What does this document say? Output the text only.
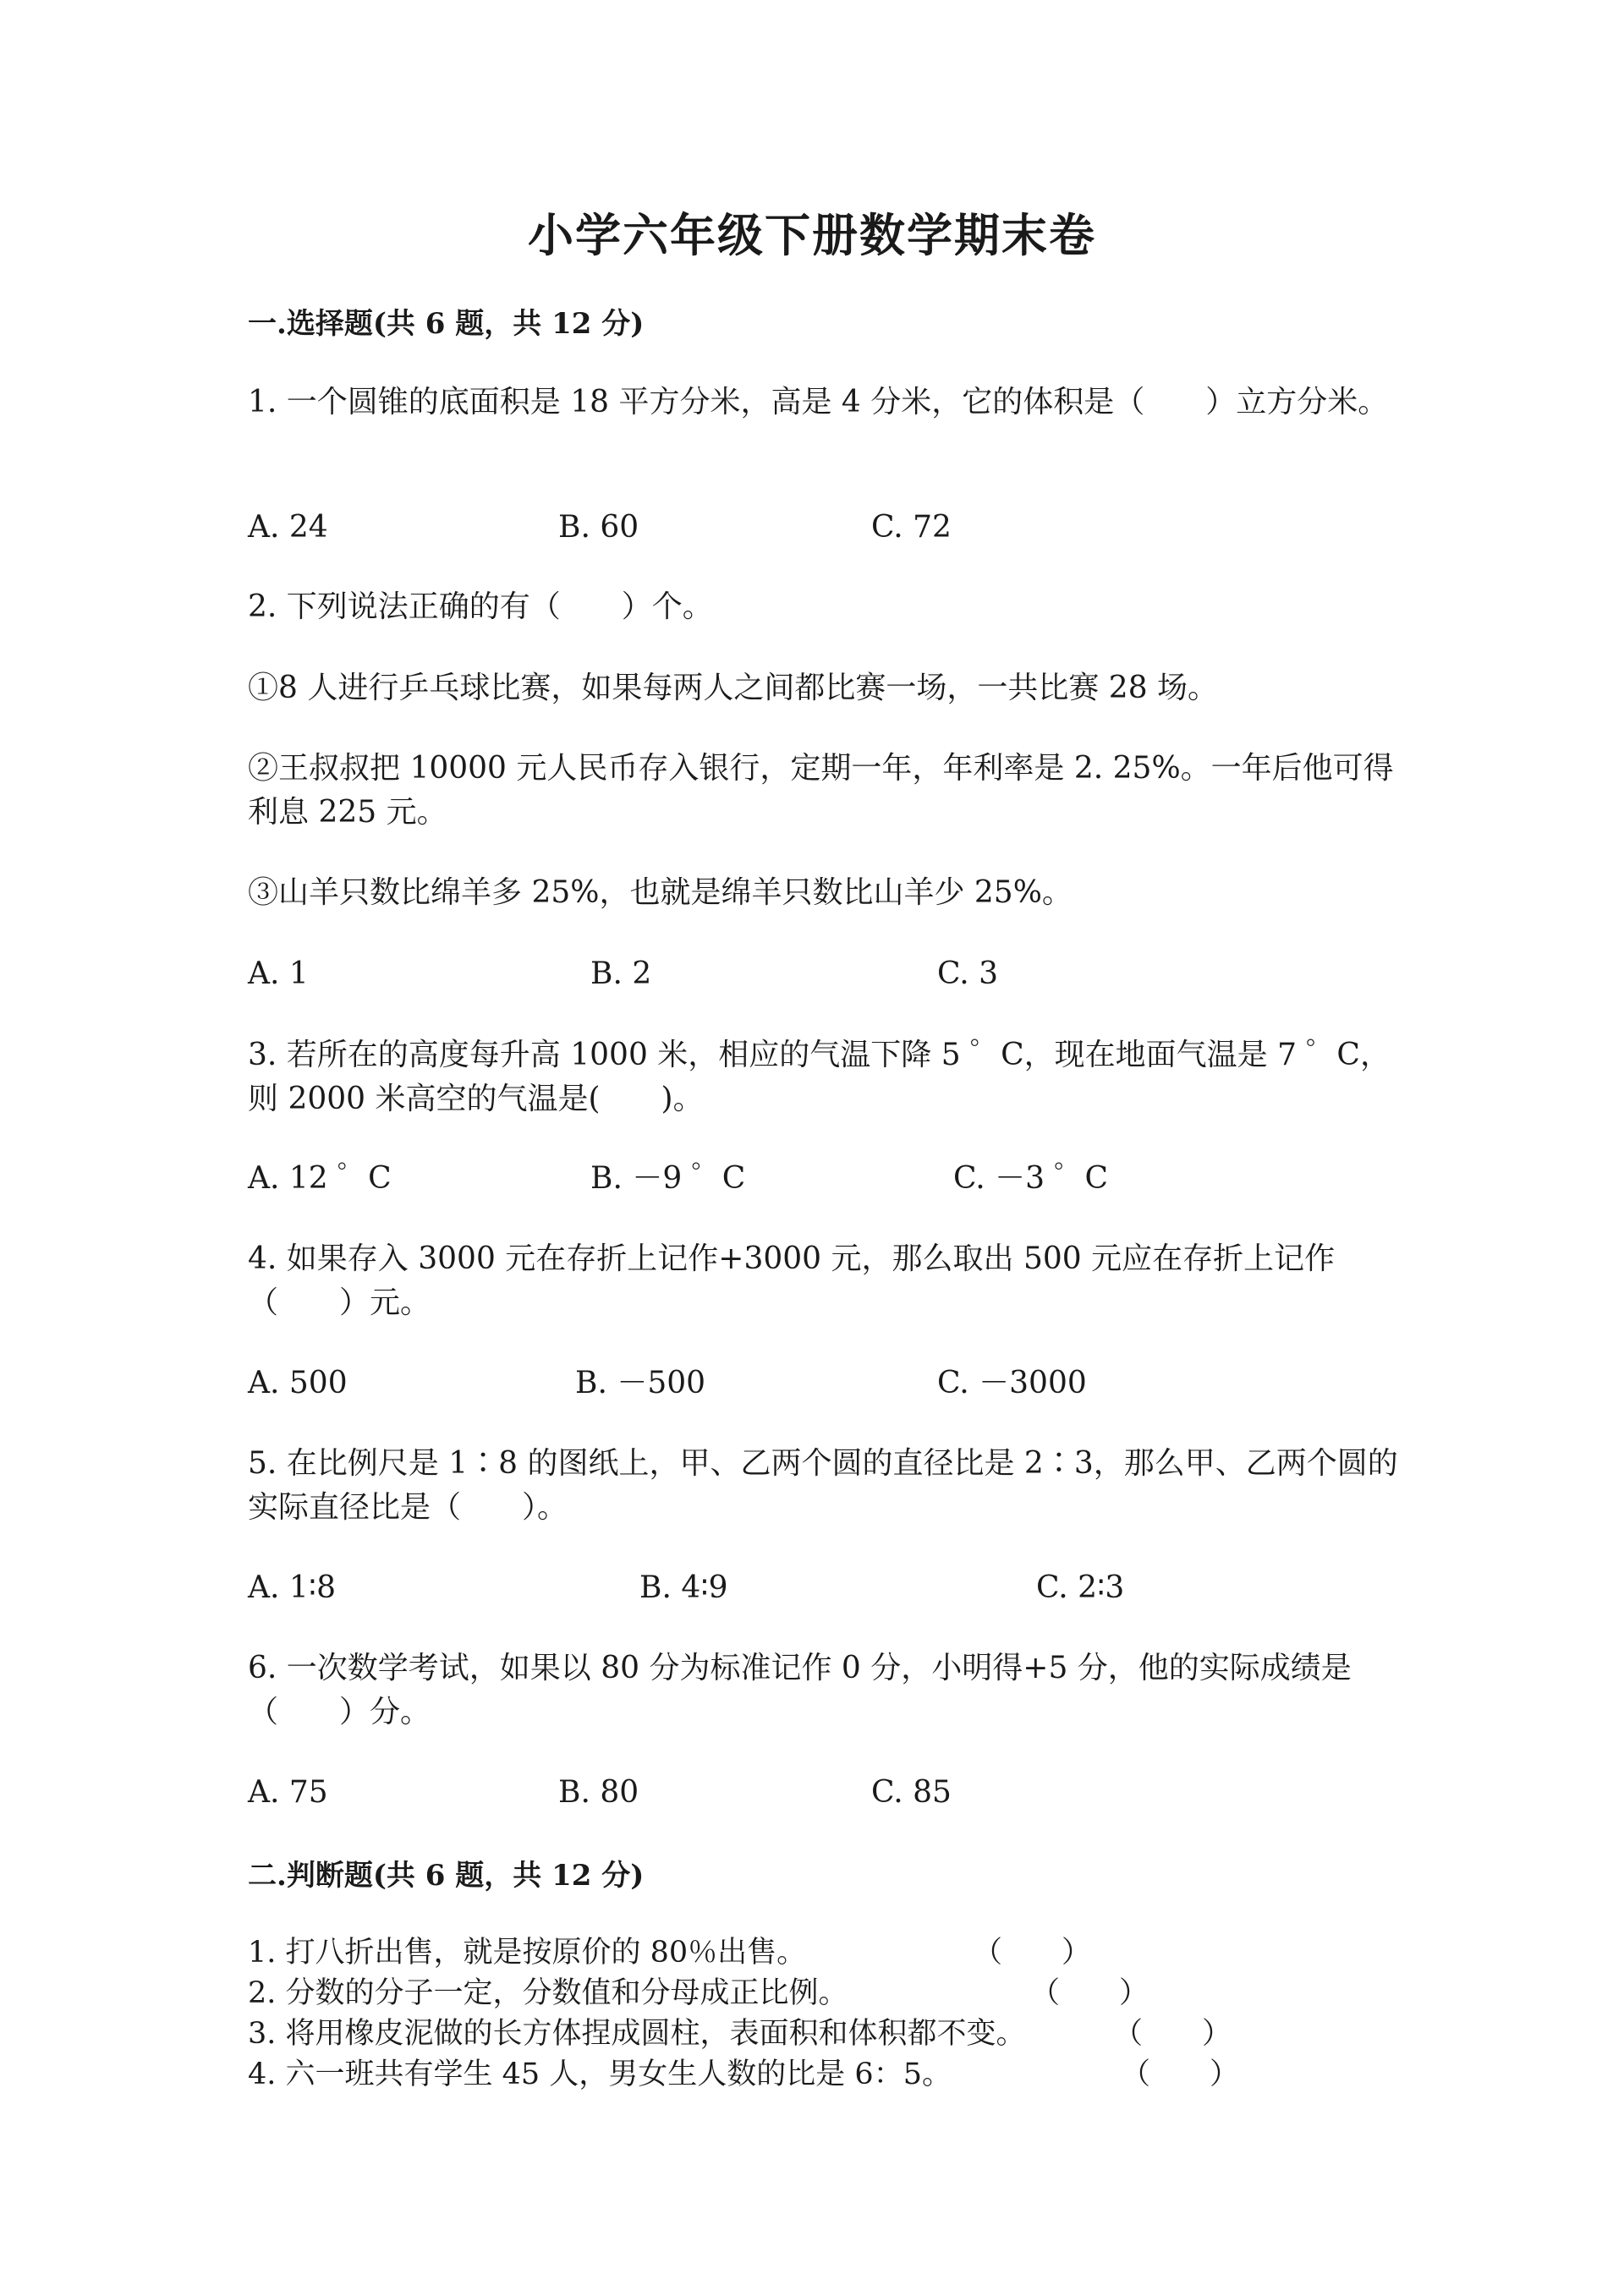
小学六年级下册数学期末卷
一.选择题(共 6 题，共 12 分)
1. 一个圆锥的底面积是 18 平方分米，高是 4 分米，它的体积是（　　）立方分米。
A. 24	B. 60	C. 72
2. 下列说法正确的有（　　）个。
①8 人进行乒乓球比赛，如果每两人之间都比赛一场，一共比赛 28 场。
②王叔叔把 10000 元人民币存入银行，定期一年，年利率是 2. 25%。一年后他可得利息 225 元。
③山羊只数比绵羊多 25%，也就是绵羊只数比山羊少 25%。
A. 1	B. 2	C. 3
3. 若所在的高度每升高 1000 米，相应的气温下降 5 ゜C，现在地面气温是 7 ゜C，则 2000 米高空的气温是(　　)。
A. 12 ゜C	B. －9 ゜C	C. －3 ゜C
4. 如果存入 3000 元在存折上记作+3000 元，那么取出 500 元应在存折上记作（　　）元。
A. 500	B. －500	C. －3000
5. 在比例尺是 1∶8 的图纸上，甲、乙两个圆的直径比是 2∶3，那么甲、乙两个圆的实际直径比是（　　）。
A. 1∶8	B. 4∶9	C. 2∶3
6. 一次数学考试，如果以 80 分为标准记作 0 分，小明得+5 分，他的实际成绩是（　　）分。
A. 75	B. 80	C. 85
二.判断题(共 6 题，共 12 分)
1. 打八折出售，就是按原价的 80％出售。	（　　）
2. 分数的分子一定，分数值和分母成正比例。	（　　）
3. 将用橡皮泥做的长方体捏成圆柱，表面积和体积都不变。	（　　）
4. 六一班共有学生 45 人，男女生人数的比是 6：5。	（　　）
